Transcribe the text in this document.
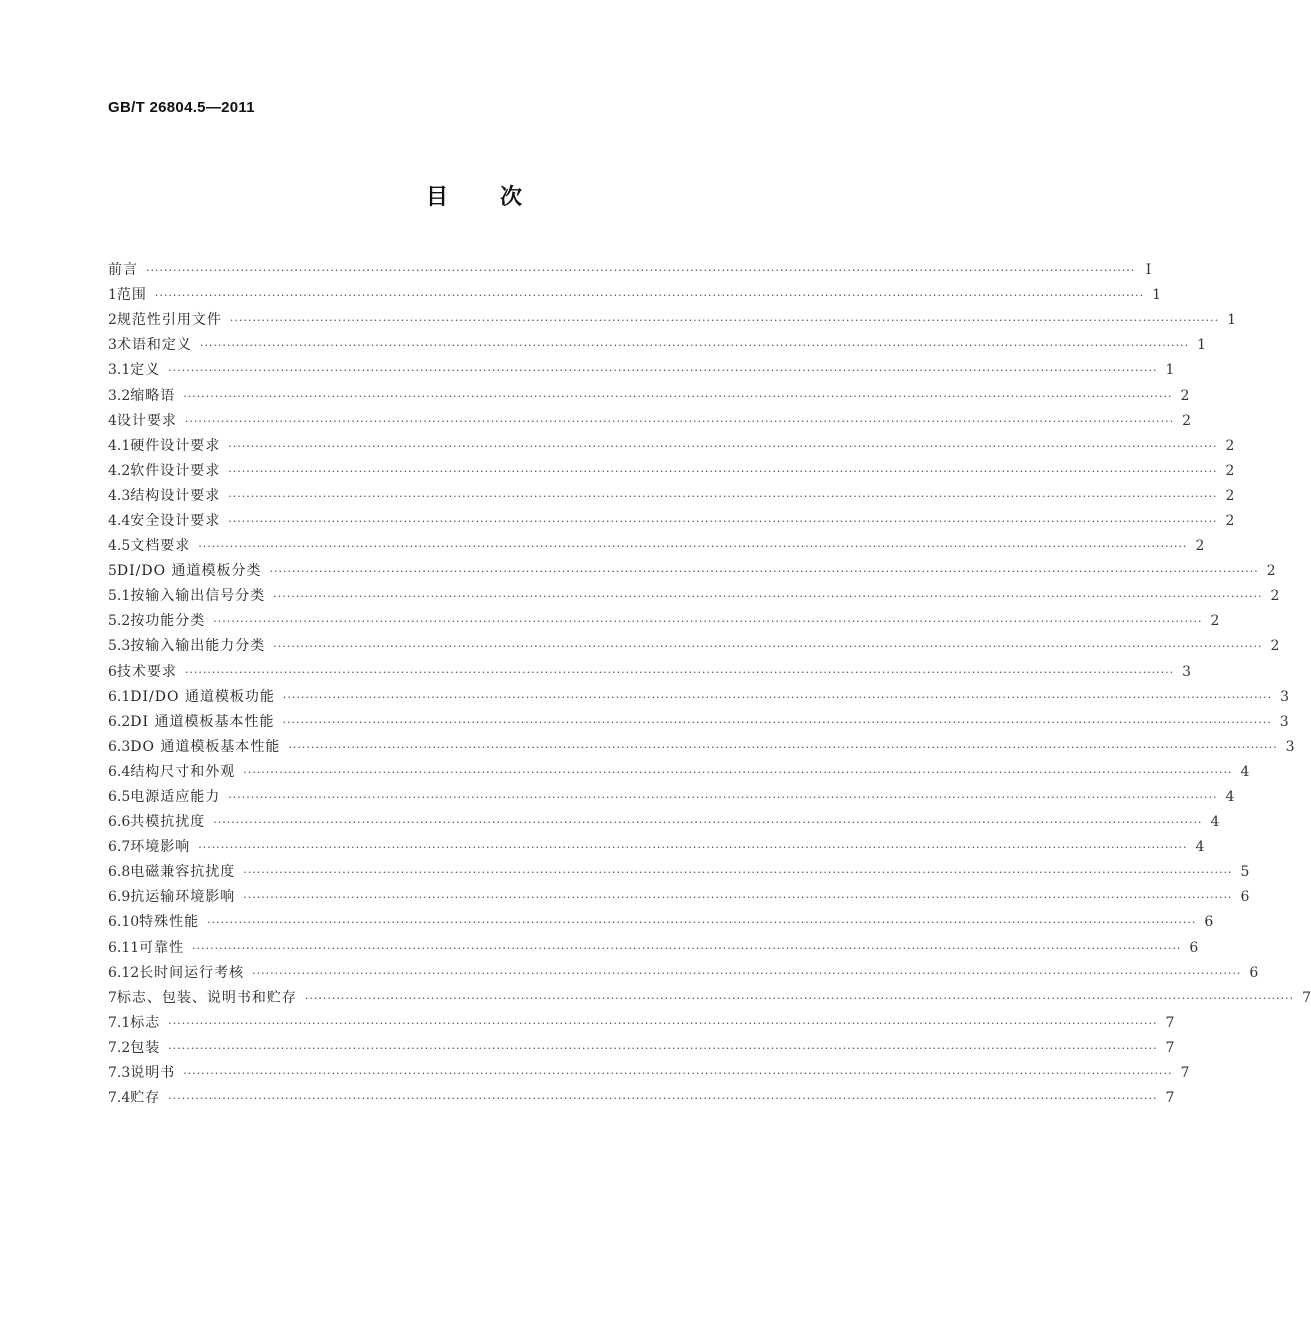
GB/T 26804.5—2011
目 次
前言 ···························································································································································································································· Ⅰ
1 范围 ···························································································································································································································· 1
2 规范性引用文件 ···························································································································································································································· 1
3 术语和定义 ···························································································································································································································· 1
3.1 定义 ···························································································································································································································· 1
3.2 缩略语 ···························································································································································································································· 2
4 设计要求 ···························································································································································································································· 2
4.1 硬件设计要求 ···························································································································································································································· 2
4.2 软件设计要求 ···························································································································································································································· 2
4.3 结构设计要求 ···························································································································································································································· 2
4.4 安全设计要求 ···························································································································································································································· 2
4.5 文档要求 ···························································································································································································································· 2
5 DI/DO 通道模板分类 ···························································································································································································································· 2
5.1 按输入输出信号分类 ···························································································································································································································· 2
5.2 按功能分类 ···························································································································································································································· 2
5.3 按输入输出能力分类 ···························································································································································································································· 2
6 技术要求 ···························································································································································································································· 3
6.1 DI/DO 通道模板功能 ···························································································································································································································· 3
6.2 DI 通道模板基本性能 ···························································································································································································································· 3
6.3 DO 通道模板基本性能 ···························································································································································································································· 3
6.4 结构尺寸和外观 ···························································································································································································································· 4
6.5 电源适应能力 ···························································································································································································································· 4
6.6 共模抗扰度 ···························································································································································································································· 4
6.7 环境影响 ···························································································································································································································· 4
6.8 电磁兼容抗扰度 ···························································································································································································································· 5
6.9 抗运输环境影响 ···························································································································································································································· 6
6.10 特殊性能 ···························································································································································································································· 6
6.11 可靠性 ···························································································································································································································· 6
6.12 长时间运行考核 ···························································································································································································································· 6
7 标志、包装、说明书和贮存 ···························································································································································································································· 7
7.1 标志 ···························································································································································································································· 7
7.2 包装 ···························································································································································································································· 7
7.3 说明书 ···························································································································································································································· 7
7.4 贮存 ···························································································································································································································· 7
